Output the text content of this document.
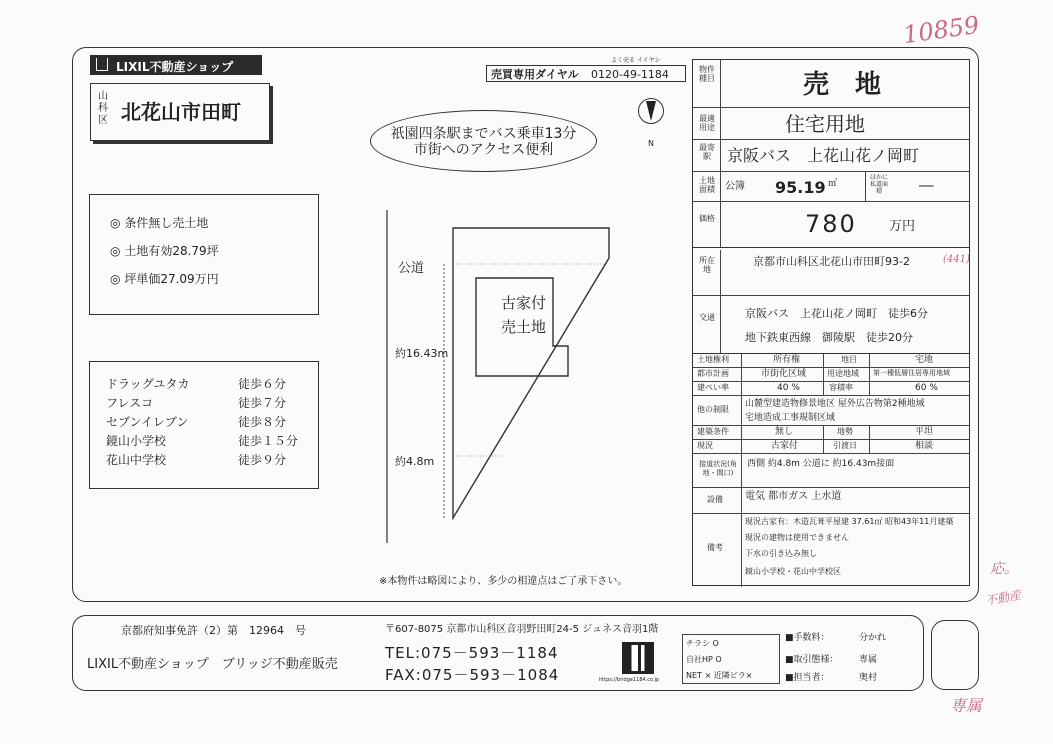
10859
応。
不動産
専属
LIXIL不動産ショップ
山科区 北花山市田町
売買専用ダイヤル 0120-49-1184
よく売る イイヤシ
N
祇園四条駅までバス乗車13分
市街へのアクセス便利
◎ 条件無し売土地
◎ 土地有効28.79坪
◎ 坪単価27.09万円
ドラッグユタカ	徒歩６分
フレスコ	徒歩７分
セブンイレブン	徒歩８分
鏡山小学校	徒歩１５分
花山中学校	徒歩９分
公道
約16.43m
約4.8m
古家付
売土地
※本物件は略図により、多少の相違点はご了承下さい。
物件種目	売　地
最適用途	住宅用地
最寄駅	京阪バス　上花山花ノ岡町
土地面積	公簿 95.19 ㎡
ほかに私道面積	──
価格	780 万円
所在地
京都市山科区北花山市田町93-2	(441)
交通	京阪バス　上花山花ノ岡町　徒歩6分
地下鉄東西線　御陵駅　徒歩20分
土地権利	所有権	地目	宅地
都市計画	市街化区域	用途地域 第一種低層住居専用地域
建ぺい率	40 %	容積率	60 %
他の制限
山麓型建造物修景地区 屋外広告物第2種地域
宅地造成工事規制区域
建築条件	無し	地勢	平坦
現況	古家付	引渡日	相談
接道状況(角地・間口)
西側 約4.8m 公道に 約16.43m接面
設備 電気 都市ガス 上水道
備考
現況古家有：木造瓦葺平屋建 37.61㎡ 昭和43年11月建築
現況の建物は使用できません
下水の引き込み無し
鏡山小学校・花山中学校区
京都府知事免許（2）第　12964　号
LIXIL不動産ショップ　ブリッジ不動産販売
〒607-8075 京都市山科区音羽野田町24-5 ジュネス音羽1階
TEL:075－593－1184
FAX:075－593－1084	https://bridge1184.co.jp
チラシ O
自社HP O
NET × 近隣ビラ×
■手数料：	分かれ
■取引態様： 専属
■担当者：	奥村
